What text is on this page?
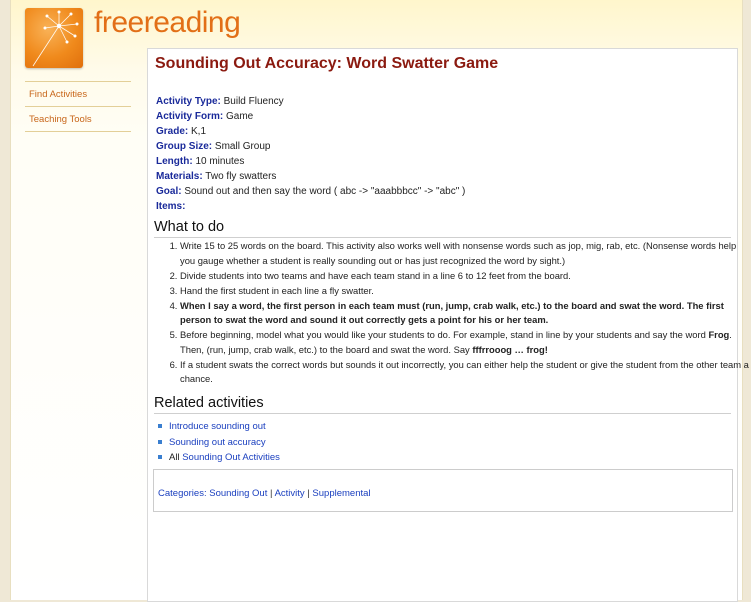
freereading
Find Activities
Teaching Tools
Sounding Out Accuracy: Word Swatter Game
Activity Type: Build Fluency
Activity Form: Game
Grade: K,1
Group Size: Small Group
Length: 10 minutes
Materials: Two fly swatters
Goal: Sound out and then say the word ( abc -> "aaabbbcc" -> "abc" )
Items:
What to do
1. Write 15 to 25 words on the board. This activity also works well with nonsense words such as jop, mig, rab, etc. (Nonsense words help you gauge whether a student is really sounding out or has just recognized the word by sight.)
2. Divide students into two teams and have each team stand in a line 6 to 12 feet from the board.
3. Hand the first student in each line a fly swatter.
4. When I say a word, the first person in each team must (run, jump, crab walk, etc.) to the board and swat the word. The first person to swat the word and sound it out correctly gets a point for his or her team.
5. Before beginning, model what you would like your students to do. For example, stand in line by your students and say the word Frog. Then, (run, jump, crab walk, etc.) to the board and swat the word. Say fffrrooog … frog!
6. If a student swats the correct words but sounds it out incorrectly, you can either help the student or give the student from the other team a chance.
Related activities
Introduce sounding out
Sounding out accuracy
All Sounding Out Activities
Categories: Sounding Out | Activity | Supplemental
